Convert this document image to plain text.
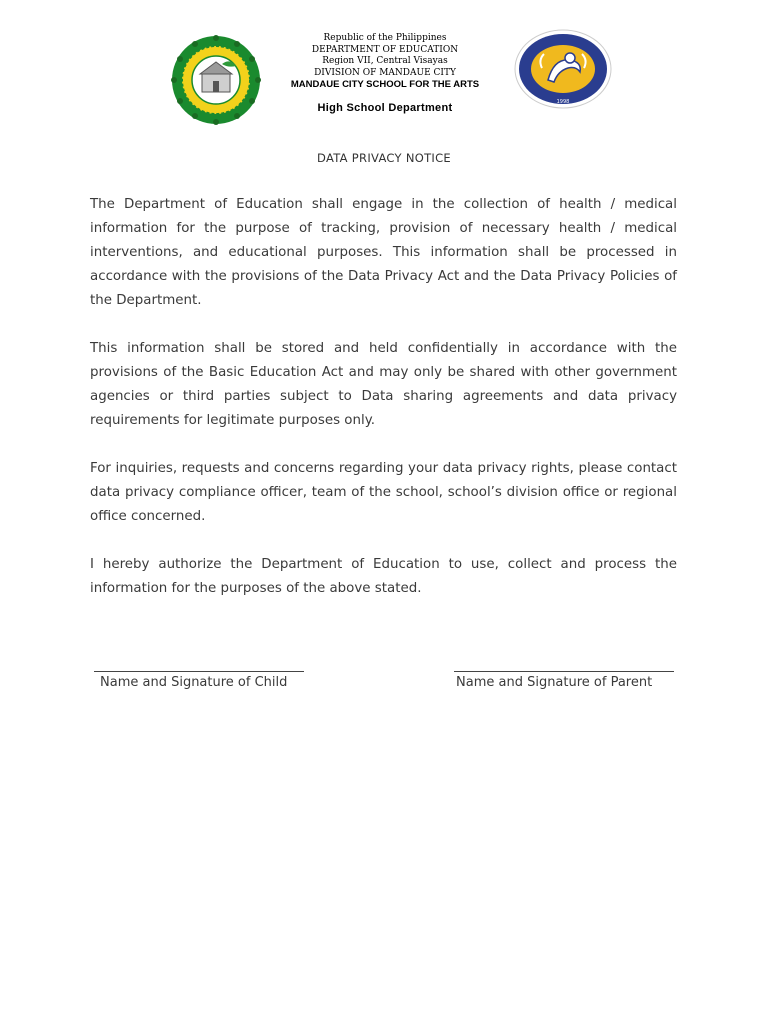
Republic of the Philippines
DEPARTMENT OF EDUCATION
Region VII, Central Visayas
DIVISION OF MANDAUE CITY
MANDAUE CITY SCHOOL FOR THE ARTS
High School Department	1998
DATA PRIVACY NOTICE

The Department of Education shall engage in the collection of health / medical information for the purpose of tracking, provision of necessary health / medical interventions, and educational purposes. This information shall be processed in accordance with the provisions of the Data Privacy Act and the Data Privacy Policies of the Department.

This information shall be stored and held confidentially in accordance with the provisions of the Basic Education Act and may only be shared with other government agencies or third parties subject to Data sharing agreements and data privacy requirements for legitimate purposes only.

For inquiries, requests and concerns regarding your data privacy rights, please contact data privacy compliance officer, team of the school, school’s division office or regional office concerned.

I hereby authorize the Department of Education to use, collect and process the information for the purposes of the above stated.

Name and Signature of Child	Name and Signature of Parent
